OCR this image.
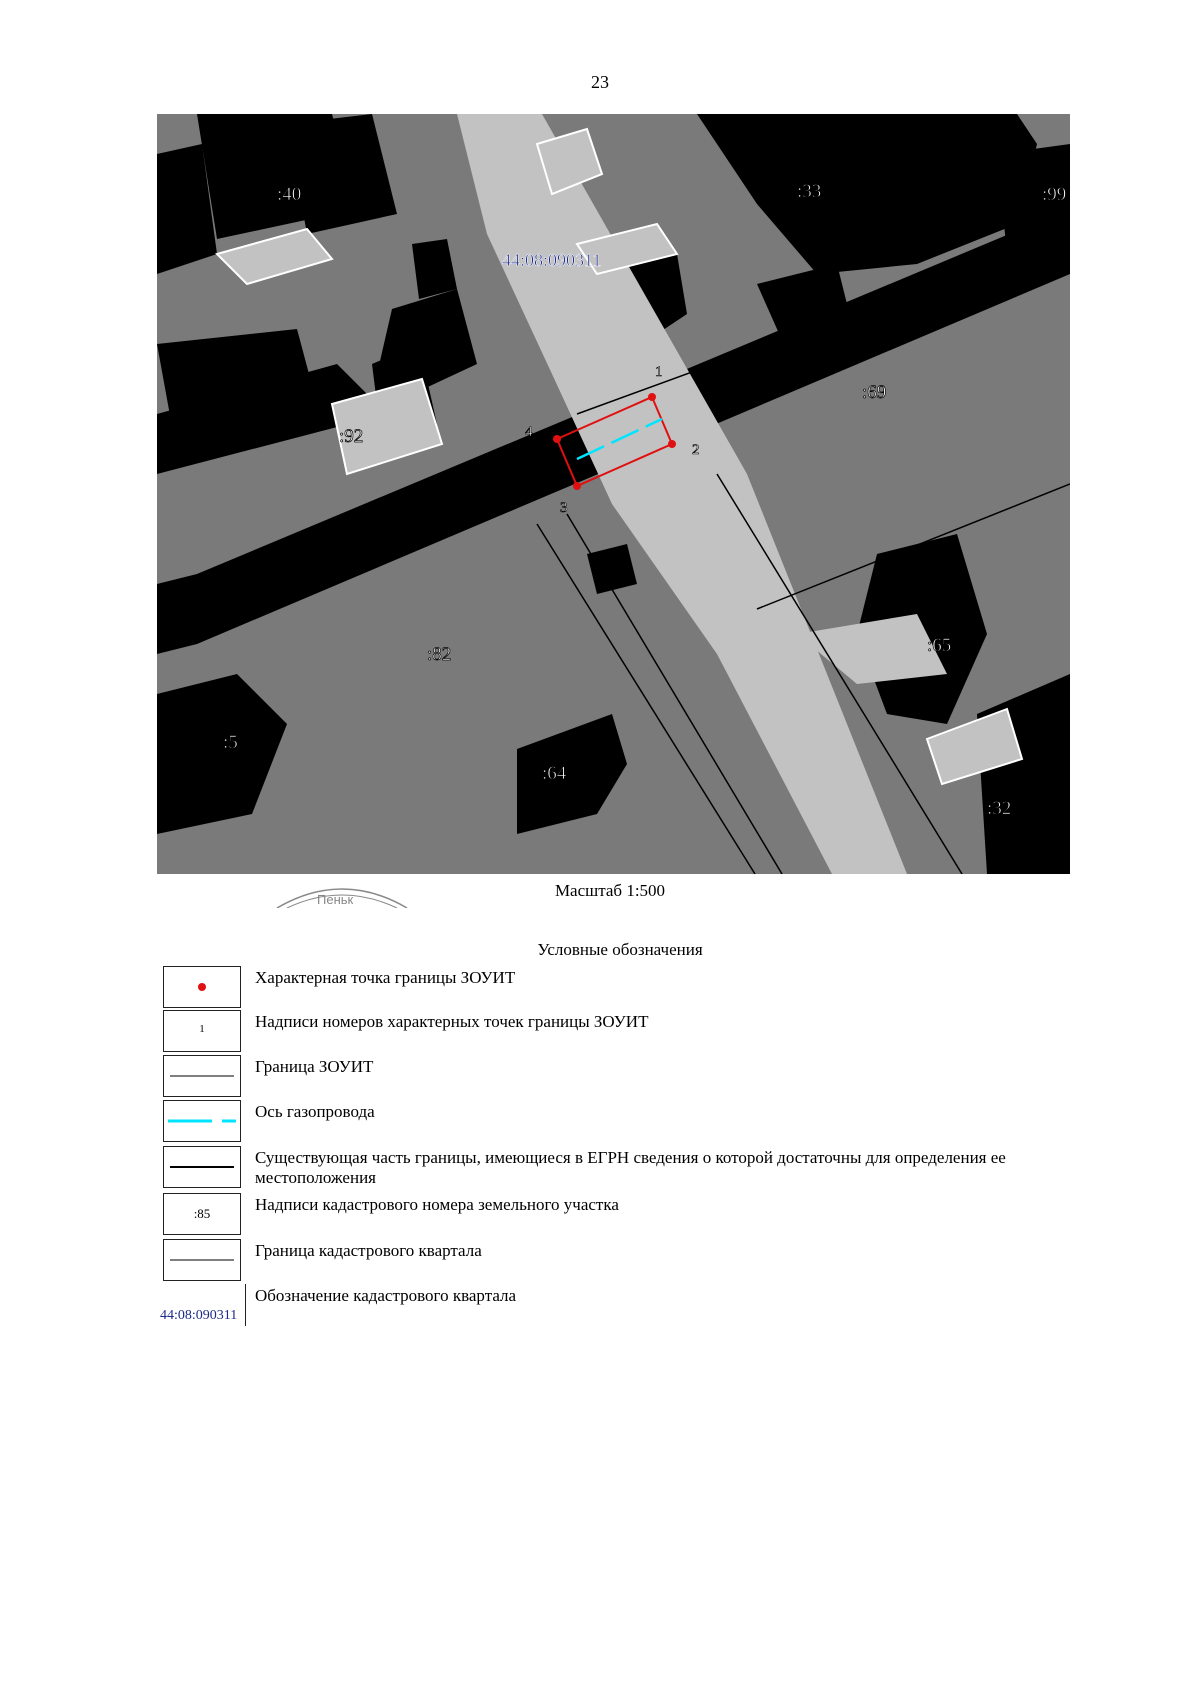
23
1
2
3
4
44:08:090311
:40	:33	:99
:69
:92
:82	:65
:5
:64
:32
Масштаб 1:500
Пеньк
Условные обозначения
Характерная точка границы ЗОУИТ
1	Надписи номеров характерных точек границы ЗОУИТ
Граница ЗОУИТ
Ось газопровода
Существующая часть границы, имеющиеся в ЕГРН сведения о которой достаточны для определения ее местоположения
:85	Надписи кадастрового номера земельного участка
Граница кадастрового квартала
44:08:090311
Обозначение кадастрового квартала
